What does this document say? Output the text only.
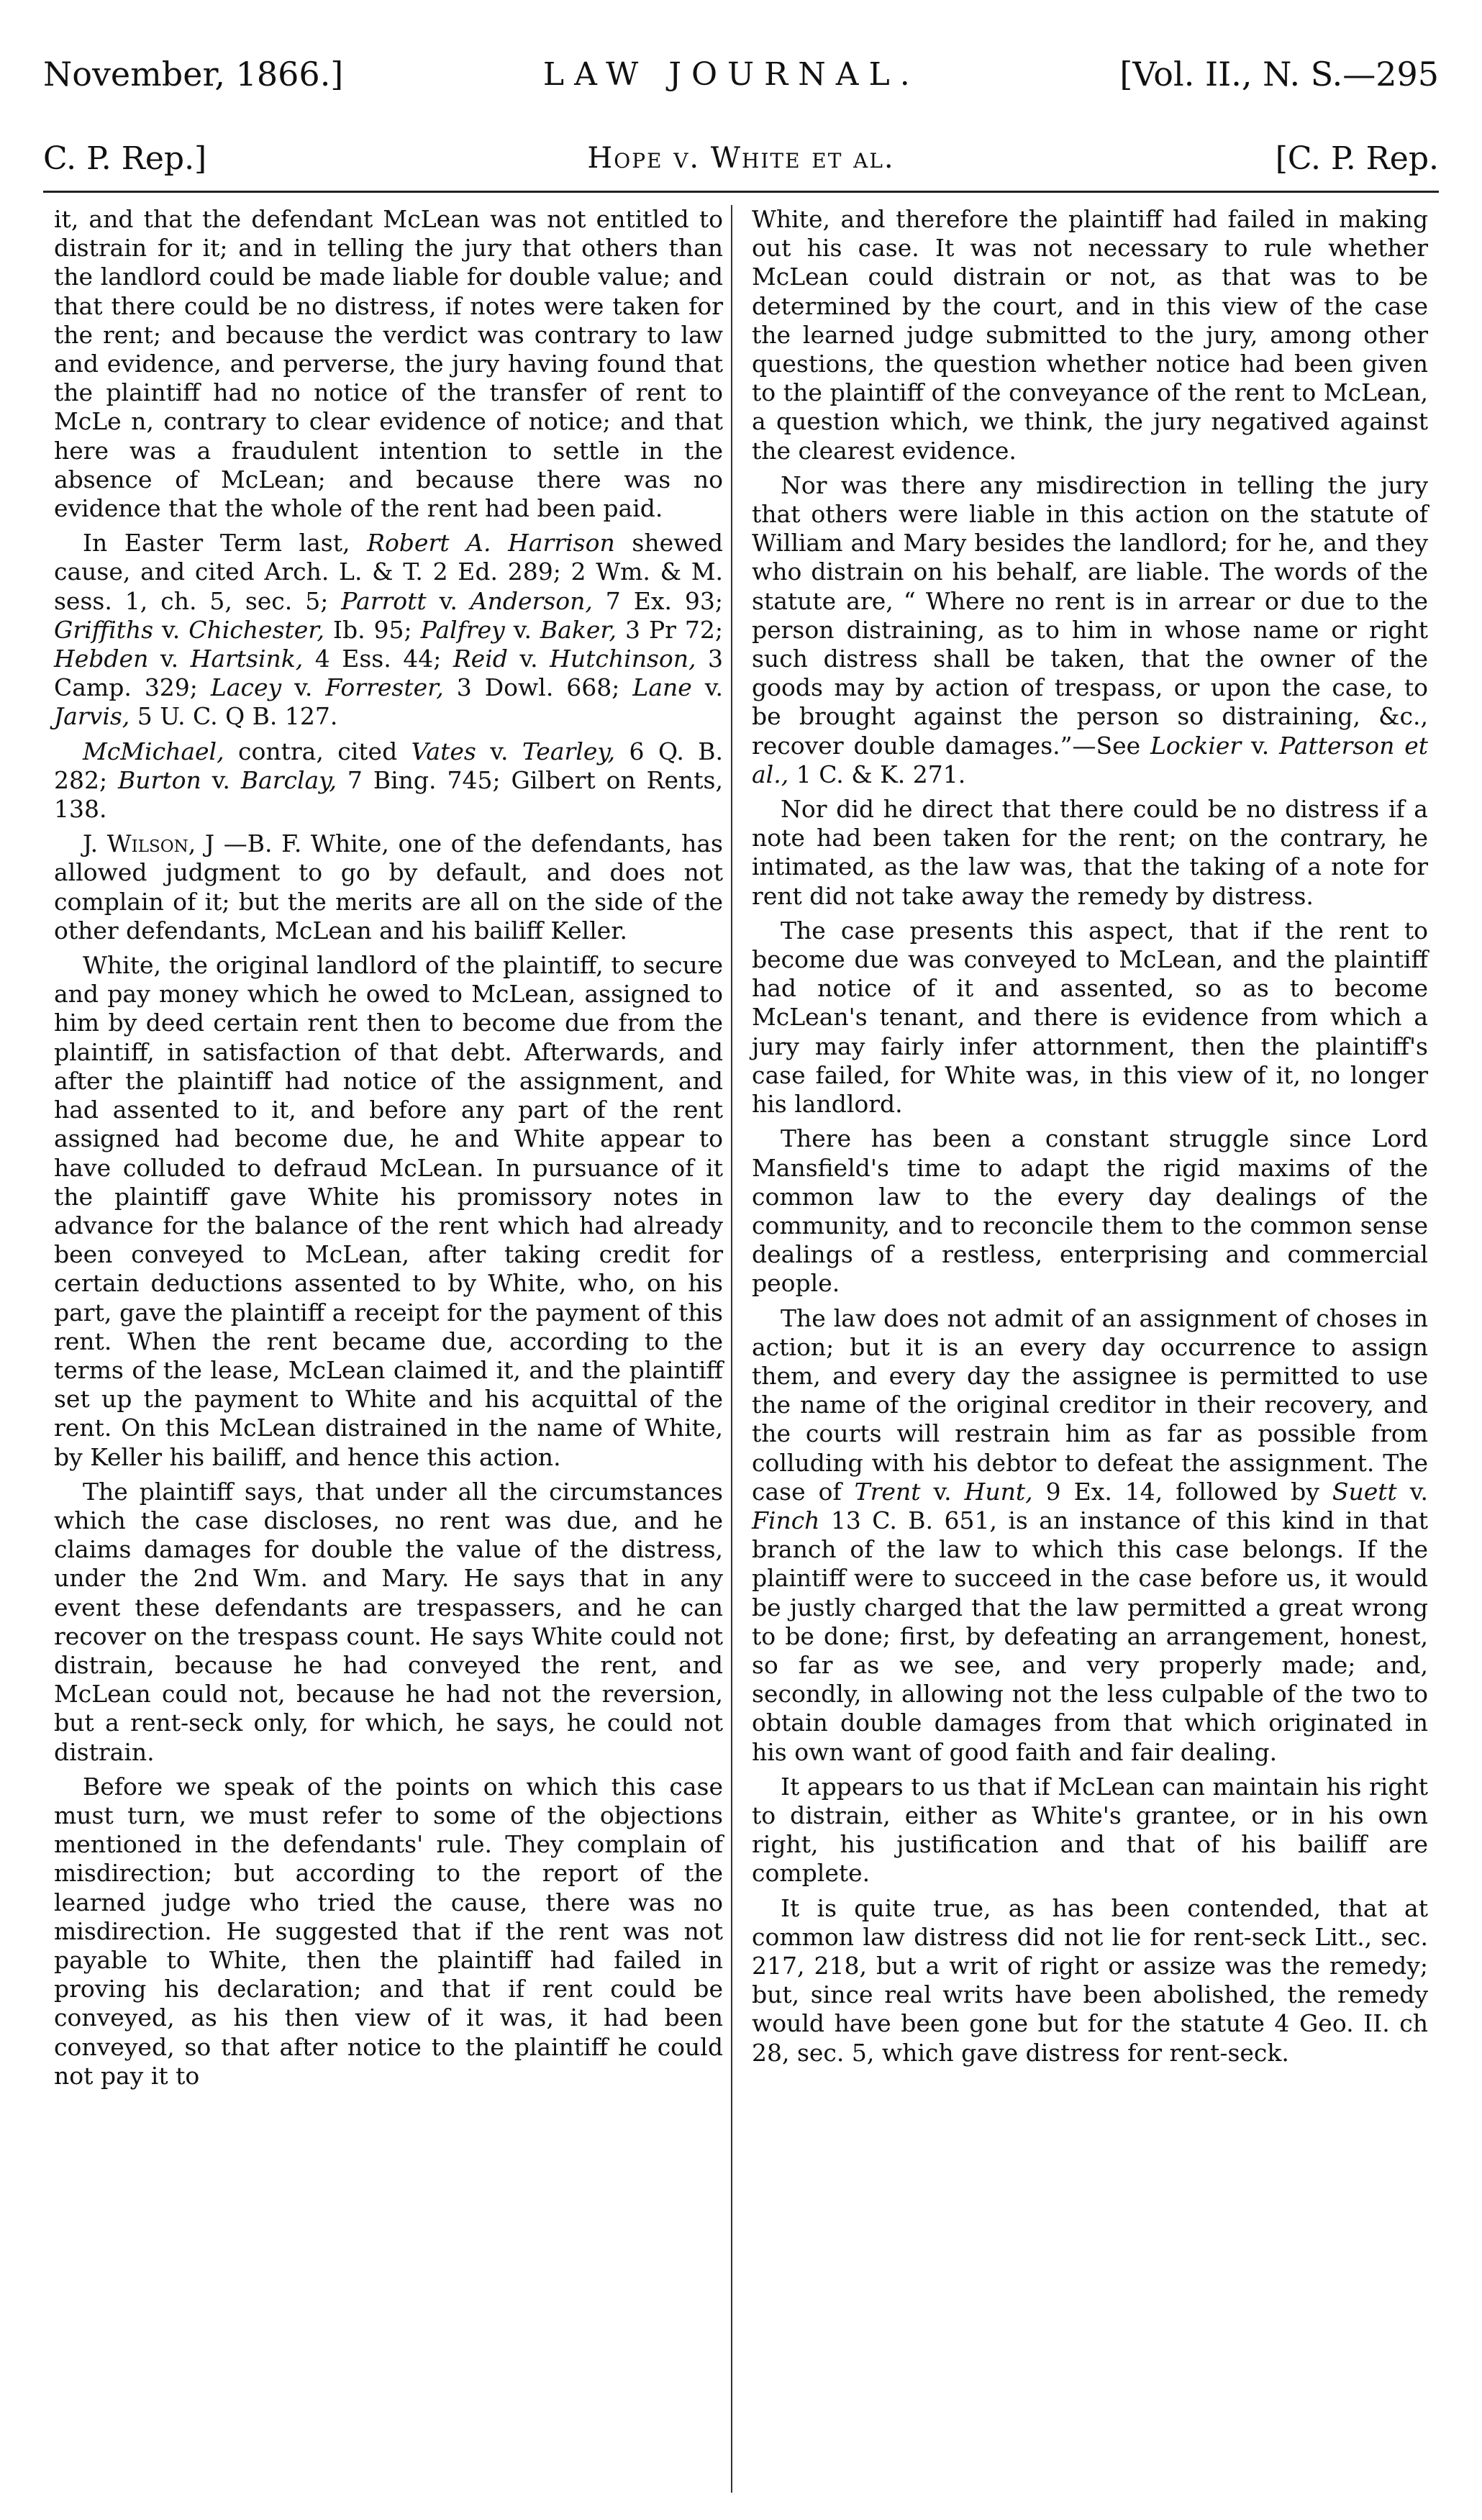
November, 1866.]	LAW JOURNAL.	[Vol. II., N. S.—295
C. P. Rep.]	Hope v. White et al.	[C. P. Rep.

it, and that the defendant McLean was not entitled to distrain for it; and in telling the jury that others than the landlord could be made liable for double value; and that there could be no distress, if notes were taken for the rent; and because the verdict was contrary to law and evidence, and perverse, the jury having found that the plaintiff had no notice of the transfer of rent to McLe n, contrary to clear evidence of notice; and that here was a fraudulent intention to settle in the absence of McLean; and because there was no evidence that the whole of the rent had been paid.

In Easter Term last, Robert A. Harrison shewed cause, and cited Arch. L. & T. 2 Ed. 289; 2 Wm. & M. sess. 1, ch. 5, sec. 5; Parrott v. Anderson, 7 Ex. 93; Griffiths v. Chichester, Ib. 95; Palfrey v. Baker, 3 Pr 72; Hebden v. Hartsink, 4 Ess. 44; Reid v. Hutchinson, 3 Camp. 329; Lacey v. Forrester, 3 Dowl. 668; Lane v. Jarvis, 5 U. C. Q B. 127.

McMichael, contra, cited Vates v. Tearley, 6 Q. B. 282; Burton v. Barclay, 7 Bing. 745; Gilbert on Rents, 138.

J. Wilson, J —B. F. White, one of the defendants, has allowed judgment to go by default, and does not complain of it; but the merits are all on the side of the other defendants, McLean and his bailiff Keller.

White, the original landlord of the plaintiff, to secure and pay money which he owed to McLean, assigned to him by deed certain rent then to become due from the plaintiff, in satisfaction of that debt. Afterwards, and after the plaintiff had notice of the assignment, and had assented to it, and before any part of the rent assigned had become due, he and White appear to have colluded to defraud McLean. In pursuance of it the plaintiff gave White his promissory notes in advance for the balance of the rent which had already been conveyed to McLean, after taking credit for certain deductions assented to by White, who, on his part, gave the plaintiff a receipt for the payment of this rent. When the rent became due, according to the terms of the lease, McLean claimed it, and the plaintiff set up the payment to White and his acquittal of the rent. On this McLean distrained in the name of White, by Keller his bailiff, and hence this action.

The plaintiff says, that under all the circumstances which the case discloses, no rent was due, and he claims damages for double the value of the distress, under the 2nd Wm. and Mary. He says that in any event these defendants are trespassers, and he can recover on the trespass count. He says White could not distrain, because he had conveyed the rent, and McLean could not, because he had not the reversion, but a rent-seck only, for which, he says, he could not distrain.

Before we speak of the points on which this case must turn, we must refer to some of the objections mentioned in the defendants' rule. They complain of misdirection; but according to the report of the learned judge who tried the cause, there was no misdirection. He suggested that if the rent was not payable to White, then the plaintiff had failed in proving his declaration; and that if rent could be conveyed, as his then view of it was, it had been conveyed, so that after notice to the plaintiff he could not pay it to

White, and therefore the plaintiff had failed in making out his case. It was not necessary to rule whether McLean could distrain or not, as that was to be determined by the court, and in this view of the case the learned judge submitted to the jury, among other questions, the question whether notice had been given to the plaintiff of the conveyance of the rent to McLean, a question which, we think, the jury negatived against the clearest evidence.

Nor was there any misdirection in telling the jury that others were liable in this action on the statute of William and Mary besides the landlord; for he, and they who distrain on his behalf, are liable. The words of the statute are, “ Where no rent is in arrear or due to the person distraining, as to him in whose name or right such distress shall be taken, that the owner of the goods may by action of trespass, or upon the case, to be brought against the person so distraining, &c., recover double damages.”—See Lockier v. Patterson et al., 1 C. & K. 271.

Nor did he direct that there could be no distress if a note had been taken for the rent; on the contrary, he intimated, as the law was, that the taking of a note for rent did not take away the remedy by distress.

The case presents this aspect, that if the rent to become due was conveyed to McLean, and the plaintiff had notice of it and assented, so as to become McLean's tenant, and there is evidence from which a jury may fairly infer attornment, then the plaintiff's case failed, for White was, in this view of it, no longer his landlord.

There has been a constant struggle since Lord Mansfield's time to adapt the rigid maxims of the common law to the every day dealings of the community, and to reconcile them to the common sense dealings of a restless, enterprising and commercial people.

The law does not admit of an assignment of choses in action; but it is an every day occurrence to assign them, and every day the assignee is permitted to use the name of the original creditor in their recovery, and the courts will restrain him as far as possible from colluding with his debtor to defeat the assignment. The case of Trent v. Hunt, 9 Ex. 14, followed by Suett v. Finch 13 C. B. 651, is an instance of this kind in that branch of the law to which this case belongs. If the plaintiff were to succeed in the case before us, it would be justly charged that the law permitted a great wrong to be done; first, by defeating an arrangement, honest, so far as we see, and very properly made; and, secondly, in allowing not the less culpable of the two to obtain double damages from that which originated in his own want of good faith and fair dealing.

It appears to us that if McLean can maintain his right to distrain, either as White's grantee, or in his own right, his justification and that of his bailiff are complete.

It is quite true, as has been contended, that at common law distress did not lie for rent-seck Litt., sec. 217, 218, but a writ of right or assize was the remedy; but, since real writs have been abolished, the remedy would have been gone but for the statute 4 Geo. II. ch 28, sec. 5, which gave distress for rent-seck.
